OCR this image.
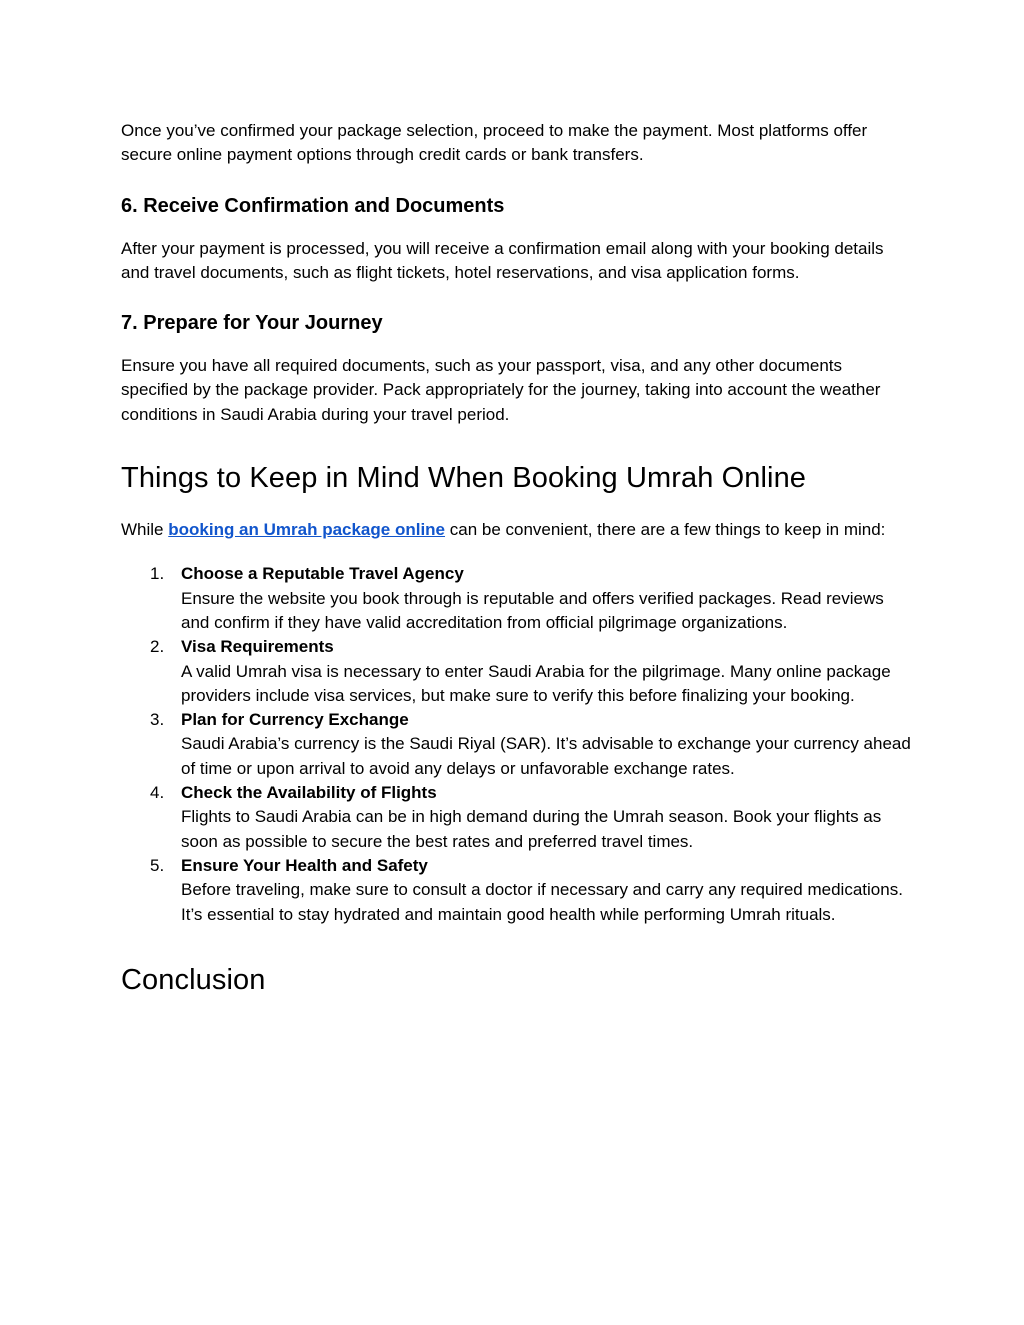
Once you’ve confirmed your package selection, proceed to make the payment. Most platforms offer secure online payment options through credit cards or bank transfers.

6. Receive Confirmation and Documents

After your payment is processed, you will receive a confirmation email along with your booking details and travel documents, such as flight tickets, hotel reservations, and visa application forms.

7. Prepare for Your Journey

Ensure you have all required documents, such as your passport, visa, and any other documents specified by the package provider. Pack appropriately for the journey, taking into account the weather conditions in Saudi Arabia during your travel period.

Things to Keep in Mind When Booking Umrah Online

While booking an Umrah package online can be convenient, there are a few things to keep in mind:

1. Choose a Reputable Travel Agency
Ensure the website you book through is reputable and offers verified packages. Read reviews and confirm if they have valid accreditation from official pilgrimage organizations.
2. Visa Requirements
A valid Umrah visa is necessary to enter Saudi Arabia for the pilgrimage. Many online package providers include visa services, but make sure to verify this before finalizing your booking.
3. Plan for Currency Exchange
Saudi Arabia’s currency is the Saudi Riyal (SAR). It’s advisable to exchange your currency ahead of time or upon arrival to avoid any delays or unfavorable exchange rates.
4. Check the Availability of Flights
Flights to Saudi Arabia can be in high demand during the Umrah season. Book your flights as soon as possible to secure the best rates and preferred travel times.
5. Ensure Your Health and Safety
Before traveling, make sure to consult a doctor if necessary and carry any required medications. It’s essential to stay hydrated and maintain good health while performing Umrah rituals.
Conclusion
